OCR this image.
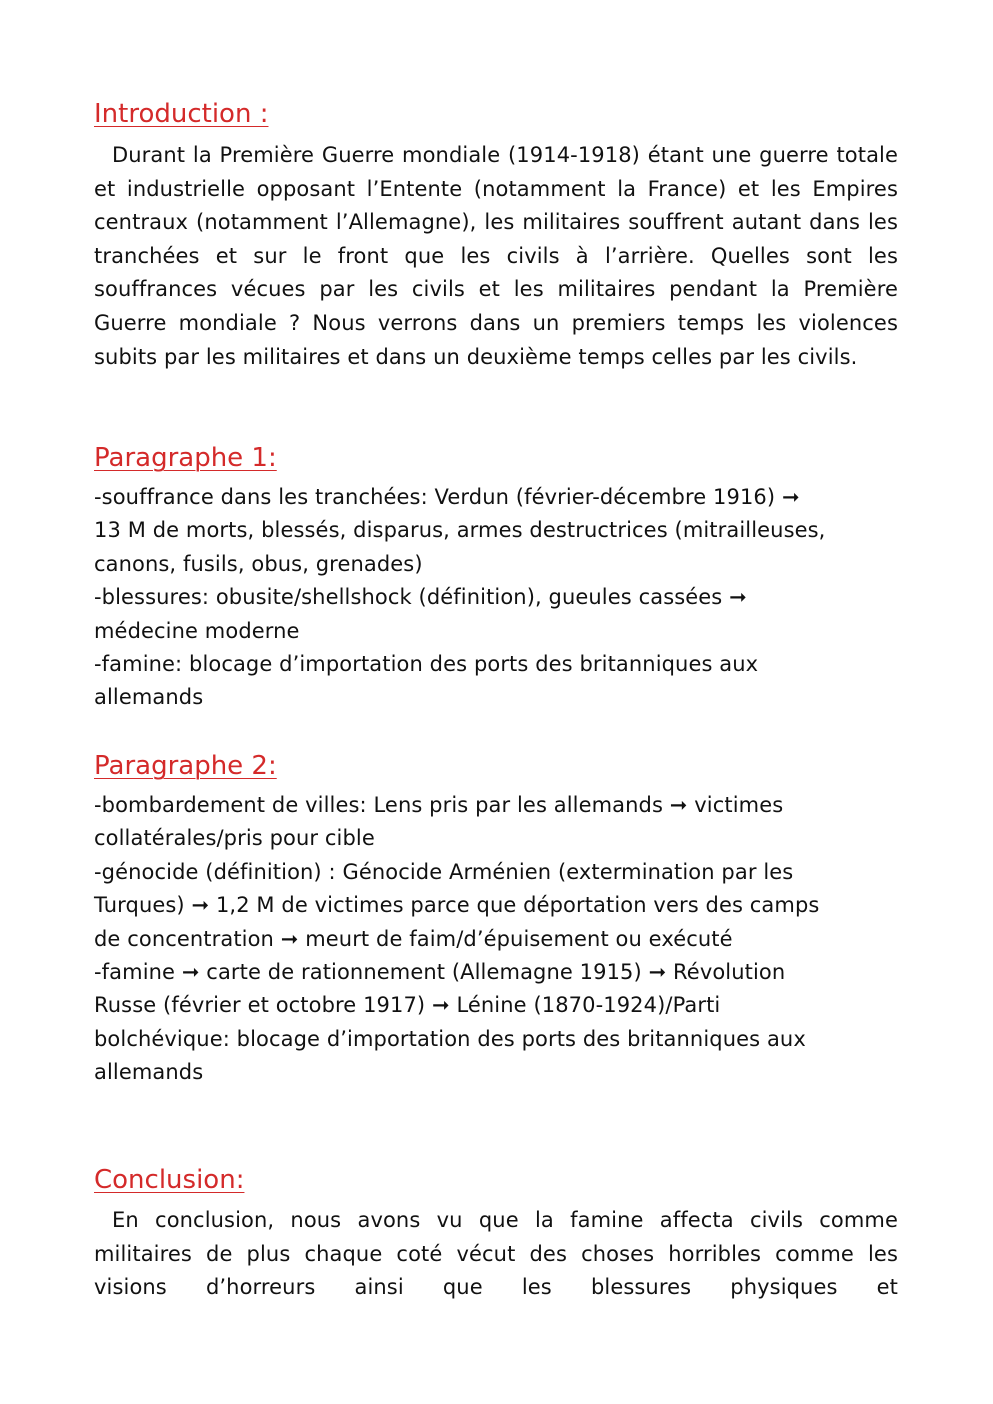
Introduction :

Durant la Première Guerre mondiale (1914-1918) étant une guerre totale et industrielle opposant l’Entente (notamment la France) et les Empires centraux (notamment l’Allemagne), les militaires souffrent autant dans les tranchées et sur le front que les civils à l’arrière. Quelles sont les souffrances vécues par les civils et les militaires pendant la Première Guerre mondiale ? Nous verrons dans un premiers temps les violences subits par les militaires et dans un deuxième temps celles par les civils.

Paragraphe 1:
-souffrance dans les tranchées: Verdun (février-décembre 1916) ➞
13 M de morts, blessés, disparus, armes destructrices (mitrailleuses,
canons, fusils, obus, grenades)
-blessures: obusite/shellshock (définition), gueules cassées ➞
médecine moderne
-famine: blocage d’importation des ports des britanniques aux
allemands
Paragraphe 2:
-bombardement de villes: Lens pris par les allemands ➞ victimes
collatérales/pris pour cible
-génocide (définition) : Génocide Arménien (extermination par les
Turques) ➞ 1,2 M de victimes parce que déportation vers des camps
de concentration ➞ meurt de faim/d’épuisement ou exécuté
-famine ➞ carte de rationnement (Allemagne 1915) ➞ Révolution
Russe (février et octobre 1917) ➞ Lénine (1870-1924)/Parti
bolchévique: blocage d’importation des ports des britanniques aux
allemands
Conclusion:

En conclusion, nous avons vu que la famine affecta civils comme militaires de plus chaque coté vécut des choses horribles comme les visions d’horreurs ainsi que les blessures physiques et
